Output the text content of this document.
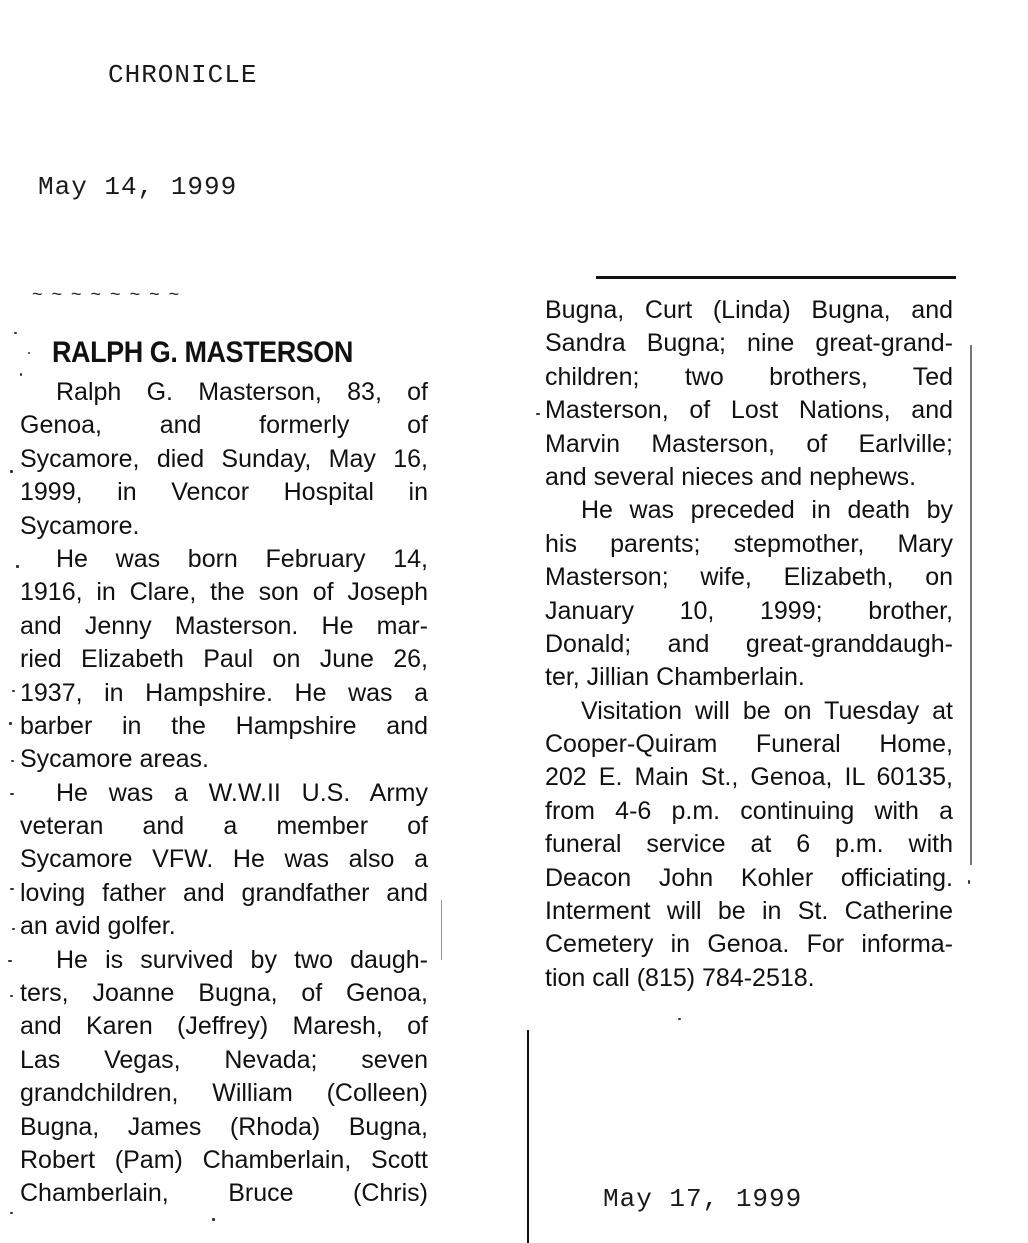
CHRONICLE
May 14, 1999
~ ~ ~ ~ ~ ~ ~ ~
RALPH G. MASTERSON
Ralph G. Masterson, 83, of
Genoa, and formerly of
Sycamore, died Sunday, May 16,
1999, in Vencor Hospital in
Sycamore.
He was born February 14,
1916, in Clare, the son of Joseph
and Jenny Masterson. He mar-
ried Elizabeth Paul on June 26,
1937, in Hampshire. He was a
barber in the Hampshire and
Sycamore areas.
He was a W.W.II U.S. Army
veteran and a member of
Sycamore VFW. He was also a
loving father and grandfather and
an avid golfer.
He is survived by two daugh-
ters, Joanne Bugna, of Genoa,
and Karen (Jeffrey) Maresh, of
Las Vegas, Nevada; seven
grandchildren, William (Colleen)
Bugna, James (Rhoda) Bugna,
Robert (Pam) Chamberlain, Scott
Chamberlain, Bruce (Chris)
Bugna, Curt (Linda) Bugna, and
Sandra Bugna; nine great-grand-
children; two brothers, Ted
Masterson, of Lost Nations, and
Marvin Masterson, of Earlville;
and several nieces and nephews.
He was preceded in death by
his parents; stepmother, Mary
Masterson; wife, Elizabeth, on
January 10, 1999; brother,
Donald; and great-granddaugh-
ter, Jillian Chamberlain.
Visitation will be on Tuesday at
Cooper-Quiram Funeral Home,
202 E. Main St., Genoa, IL 60135,
from 4-6 p.m. continuing with a
funeral service at 6 p.m. with
Deacon John Kohler officiating.
Interment will be in St. Catherine
Cemetery in Genoa. For informa-
tion call (815) 784-2518.
May 17, 1999
